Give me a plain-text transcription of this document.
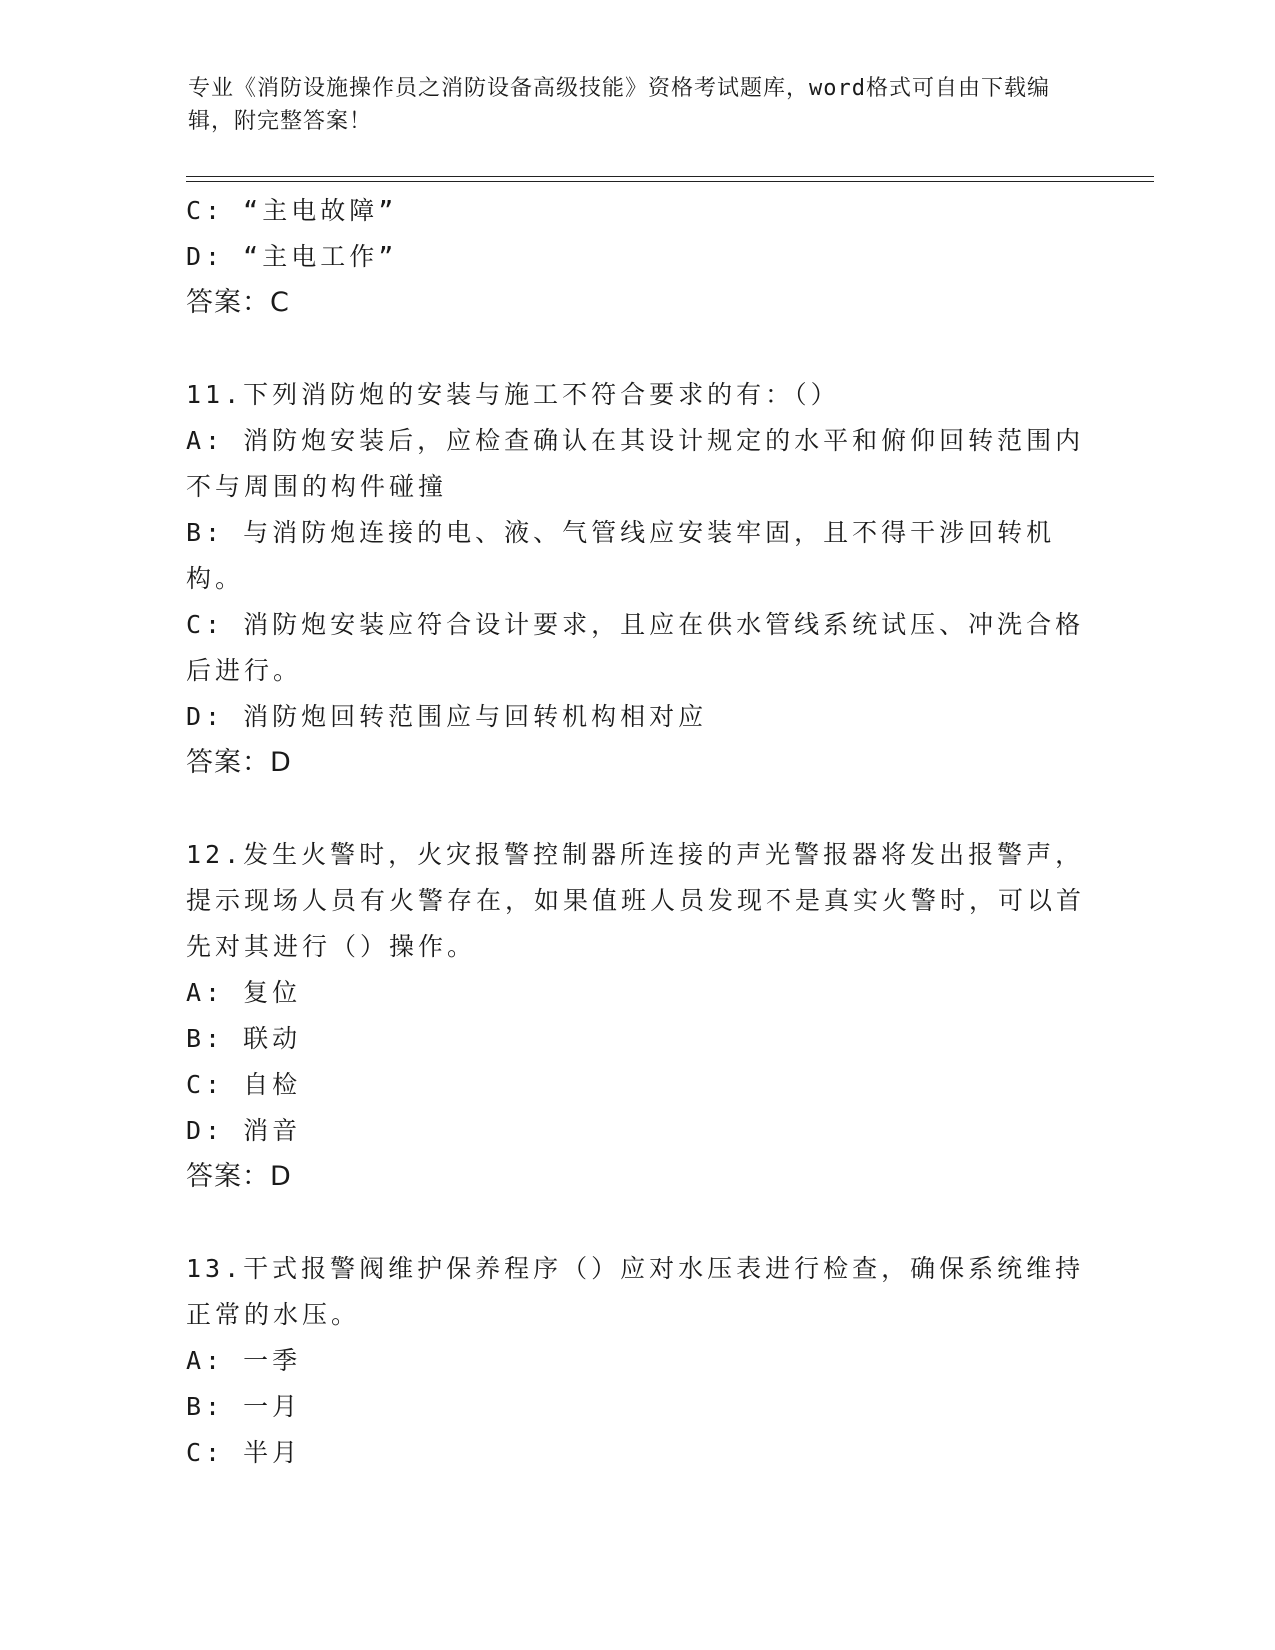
专业《消防设施操作员之消防设备高级技能》资格考试题库，word格式可自由下载编辑，附完整答案！
C: “主电故障”
D: “主电工作”
答案：C
11.下列消防炮的安装与施工不符合要求的有：（）
A: 消防炮安装后，应检查确认在其设计规定的水平和俯仰回转范围内不与周围的构件碰撞
B: 与消防炮连接的电、液、气管线应安装牢固，且不得干涉回转机构。
C: 消防炮安装应符合设计要求，且应在供水管线系统试压、冲洗合格后进行。
D: 消防炮回转范围应与回转机构相对应
答案：D
12.发生火警时，火灾报警控制器所连接的声光警报器将发出报警声，提示现场人员有火警存在，如果值班人员发现不是真实火警时，可以首先对其进行（）操作。
A: 复位
B: 联动
C: 自检
D: 消音
答案：D
13.干式报警阀维护保养程序（）应对水压表进行检查，确保系统维持正常的水压。
A: 一季
B: 一月
C: 半月
